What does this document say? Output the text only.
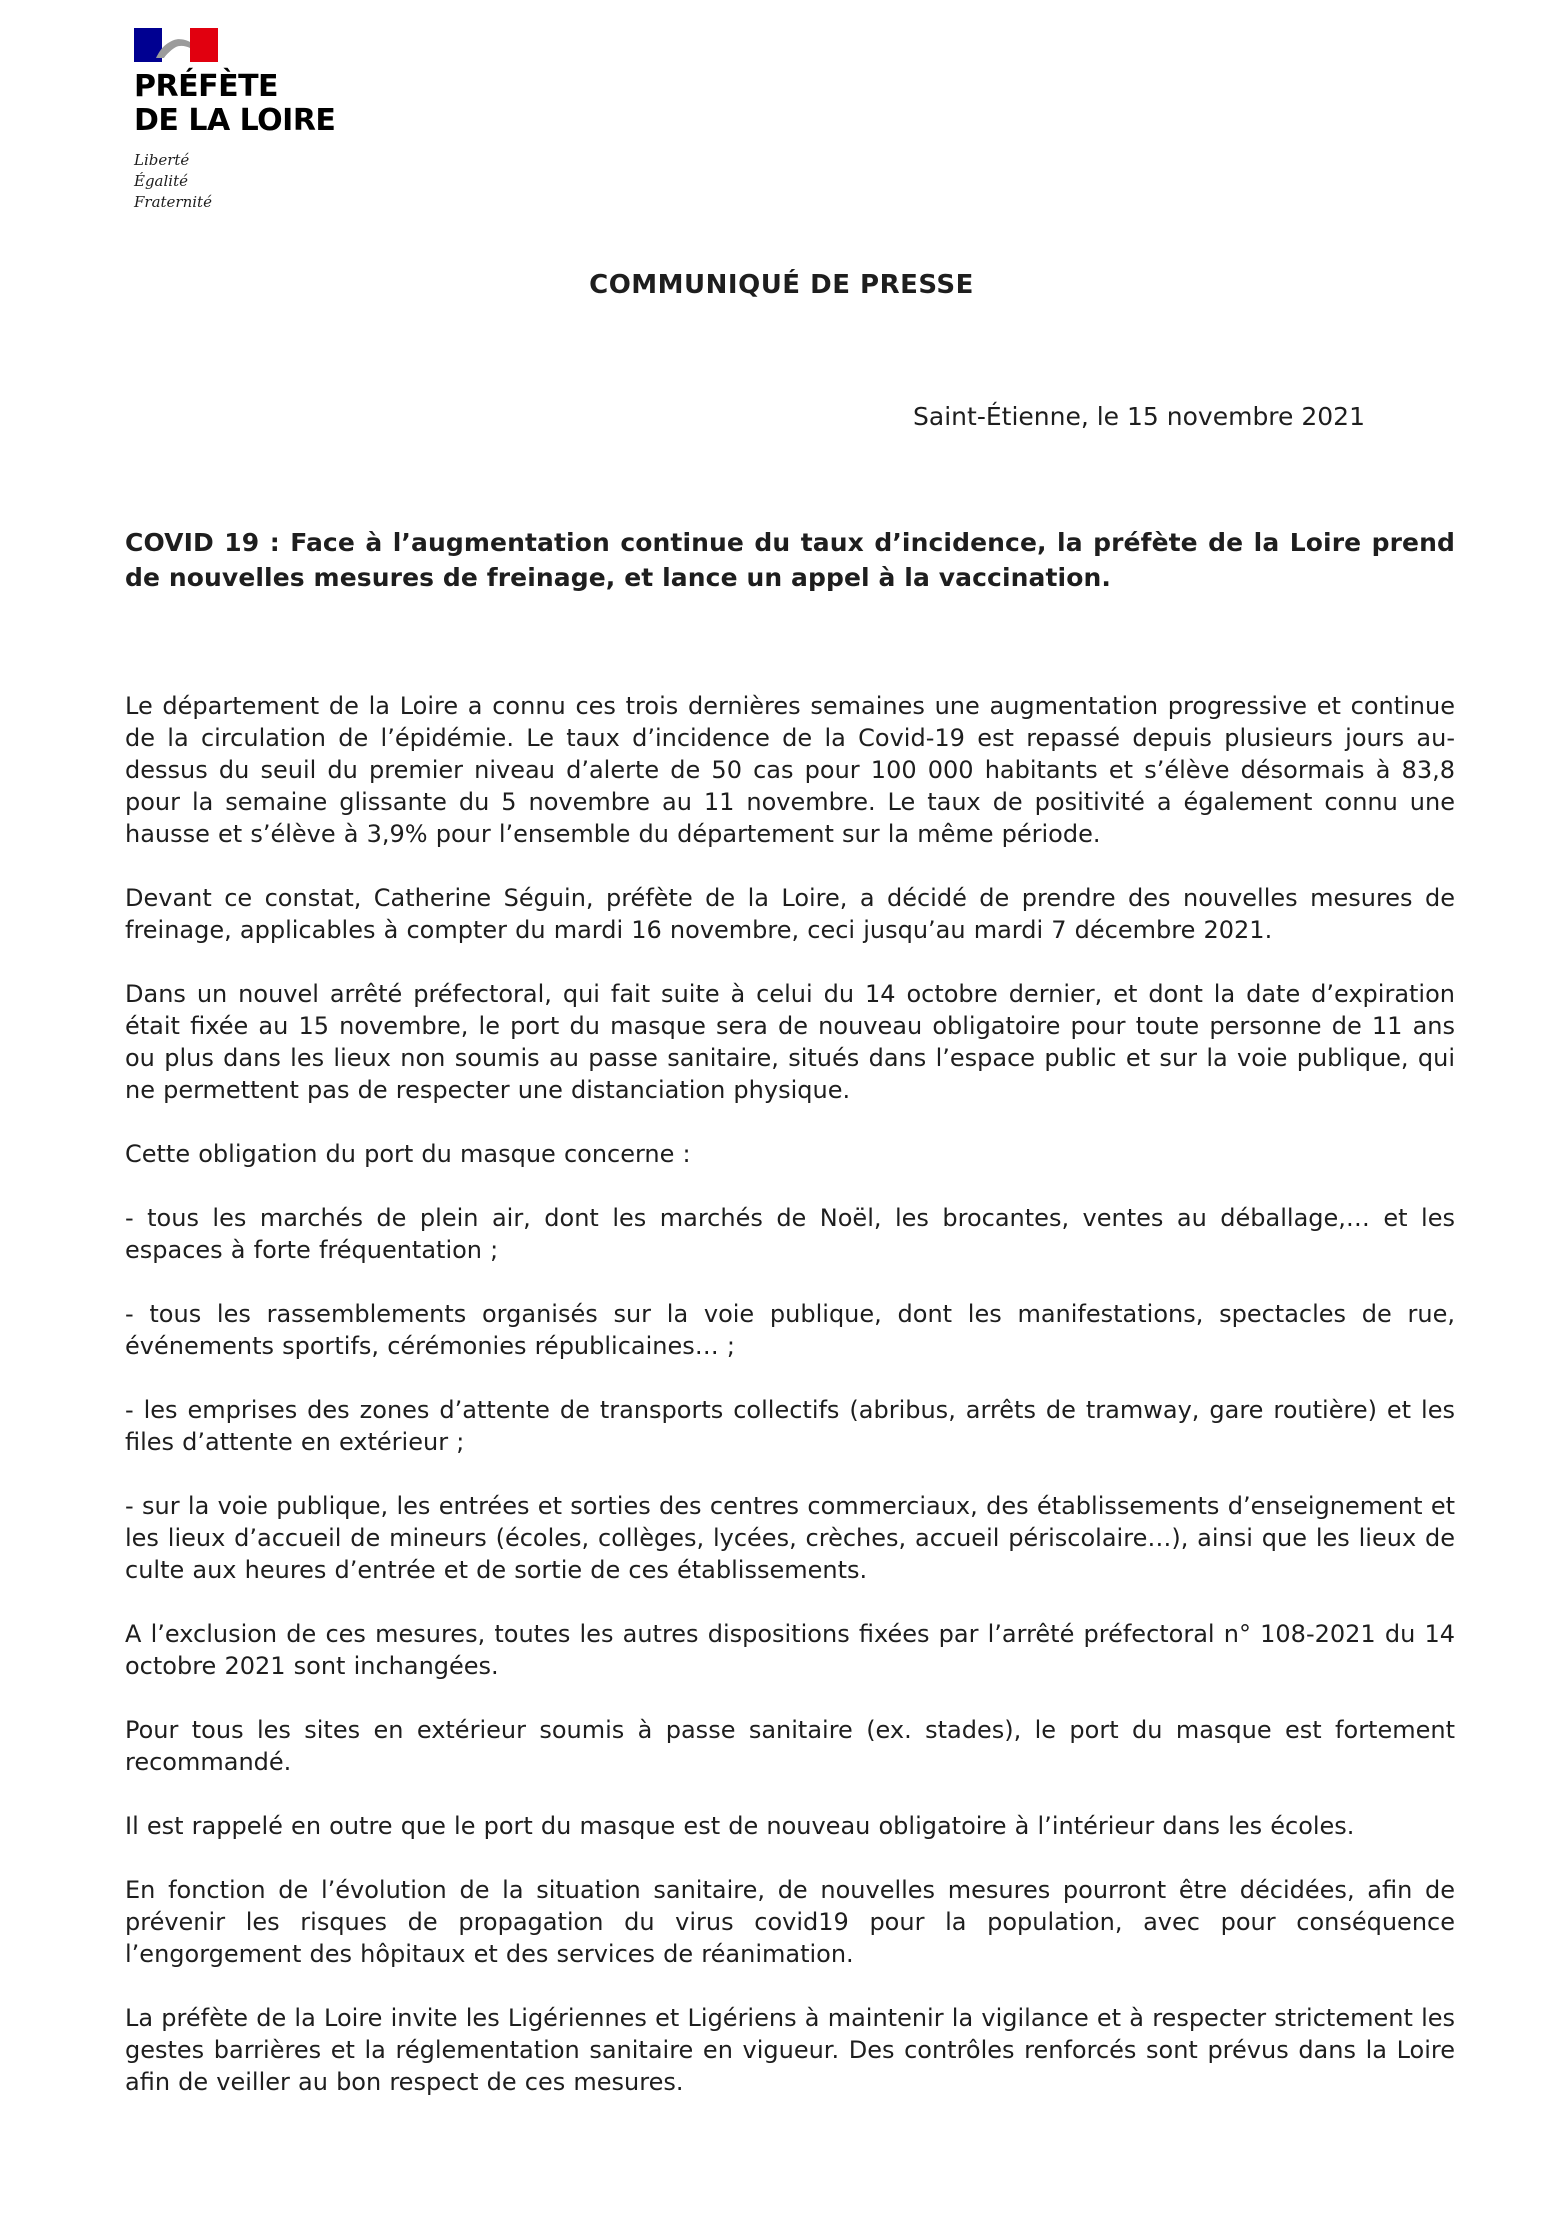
PRÉFÈTE
DE LA LOIRE
Liberté
Égalité
Fraternité
COMMUNIQUÉ DE PRESSE
Saint-Étienne, le 15 novembre 2021
COVID 19 : Face à l’augmentation continue du taux d’incidence, la préfète de la Loire prend de nouvelles mesures de freinage, et lance un appel à la vaccination.

Le département de la Loire a connu ces trois dernières semaines une augmentation progressive et continue de la circulation de l’épidémie. Le taux d’incidence de la Covid-19 est repassé depuis plusieurs jours au-dessus du seuil du premier niveau d’alerte de 50 cas pour 100 000 habitants et s’élève désormais à 83,8 pour la semaine glissante du 5 novembre au 11 novembre. Le taux de positivité a également connu une hausse et s’élève à 3,9% pour l’ensemble du département sur la même période.

Devant ce constat, Catherine Séguin, préfète de la Loire, a décidé de prendre des nouvelles mesures de freinage, applicables à compter du mardi 16 novembre, ceci jusqu’au mardi 7 décembre 2021.

Dans un nouvel arrêté préfectoral, qui fait suite à celui du 14 octobre dernier, et dont la date d’expiration était fixée au 15 novembre, le port du masque sera de nouveau obligatoire pour toute personne de 11 ans ou plus dans les lieux non soumis au passe sanitaire, situés dans l’espace public et sur la voie publique, qui ne permettent pas de respecter une distanciation physique.

Cette obligation du port du masque concerne :

- tous les marchés de plein air, dont les marchés de Noël, les brocantes, ventes au déballage,… et les espaces à forte fréquentation ;

- tous les rassemblements organisés sur la voie publique, dont les manifestations, spectacles de rue, événements sportifs, cérémonies républicaines… ;

- les emprises des zones d’attente de transports collectifs (abribus, arrêts de tramway, gare routière) et les files d’attente en extérieur ;

- sur la voie publique, les entrées et sorties des centres commerciaux, des établissements d’enseignement et les lieux d’accueil de mineurs (écoles, collèges, lycées, crèches, accueil périscolaire…), ainsi que les lieux de culte aux heures d’entrée et de sortie de ces établissements.

A l’exclusion de ces mesures, toutes les autres dispositions fixées par l’arrêté préfectoral n° 108-2021 du 14 octobre 2021 sont inchangées.

Pour tous les sites en extérieur soumis à passe sanitaire (ex. stades), le port du masque est fortement recommandé.

Il est rappelé en outre que le port du masque est de nouveau obligatoire à l’intérieur dans les écoles.

En fonction de l’évolution de la situation sanitaire, de nouvelles mesures pourront être décidées, afin de prévenir les risques de propagation du virus covid19 pour la population, avec pour conséquence l’engorgement des hôpitaux et des services de réanimation.

La préfète de la Loire invite les Ligériennes et Ligériens à maintenir la vigilance et à respecter strictement les gestes barrières et la réglementation sanitaire en vigueur. Des contrôles renforcés sont prévus dans la Loire afin de veiller au bon respect de ces mesures.
